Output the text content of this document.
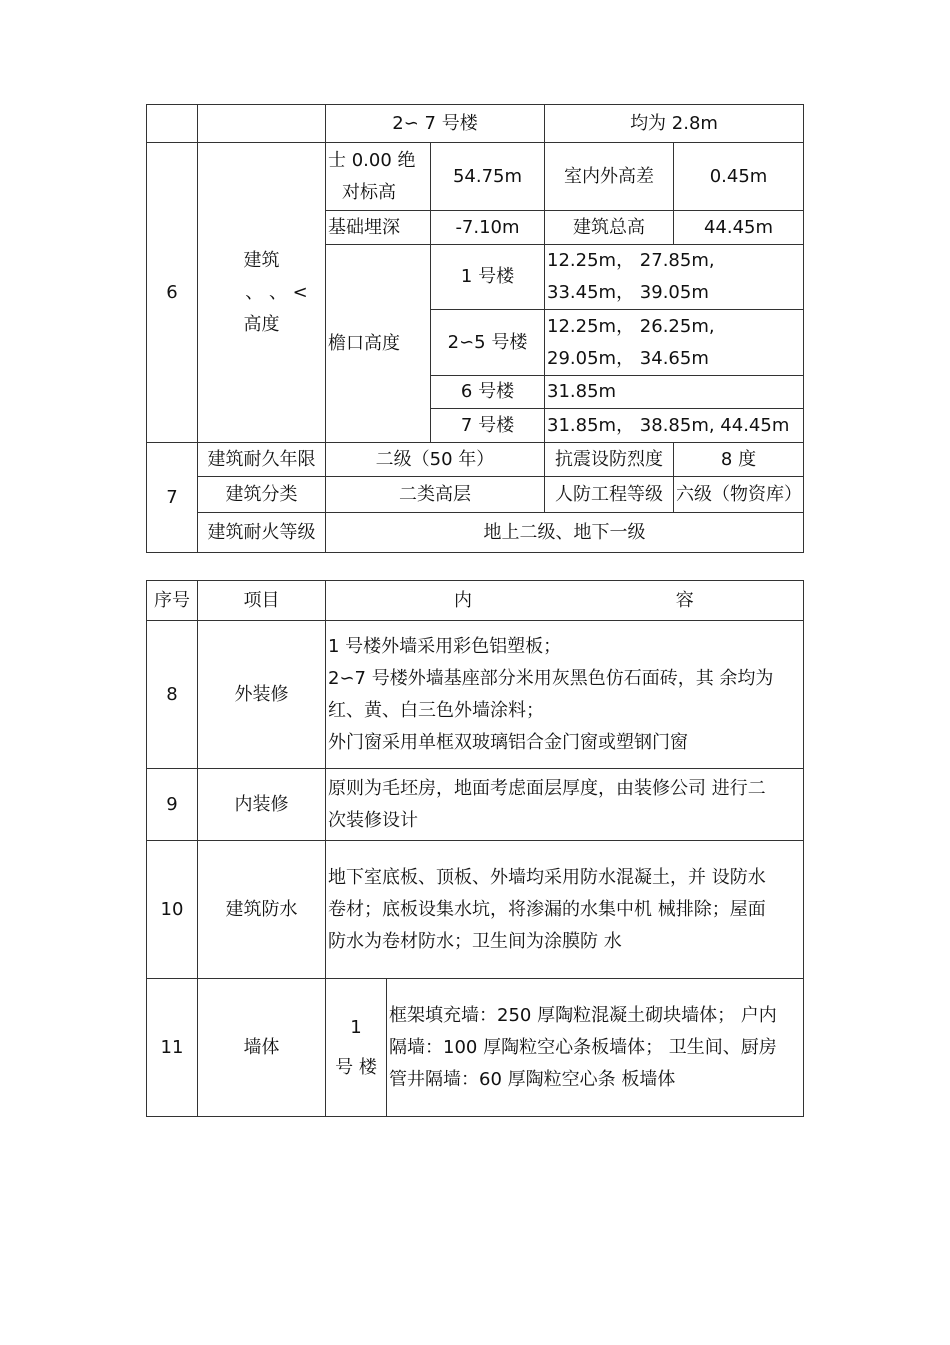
		2∽ 7 号楼		均为 2.8m	
6	建筑
、 、 <
高度	士 0.00 绝
对标高	54.75m	室内外高差	0.45m
		基础埋深	-7.10m	建筑总高	44.45m
		檐口高度	1 号楼	12.25m， 27.85m,
33.45m， 39.05m	

			2∽5 号楼	12.25m， 26.25m,
29.05m， 34.65m	

			6 号楼	31.85m	
			7 号楼	31.85m， 38.85m, 44.45m	
7	建筑耐久年限	二级（50 年）		抗震设防烈度	8 度
	建筑分类	二类高层		人防工程等级	六级（物资库）
	建筑耐火等级	地上二级、地下一级			
序号	项目	内 容	
8	外装修	1 号楼外墙采用彩色铝塑板；
2∽7 号楼外墙基座部分米用灰黑色仿石面砖，其 余均为
红、黄、白三色外墙涂料；
外门窗采用单框双玻璃铝合金门窗或塑钢门窗	

9	内装修	原则为毛坯房，地面考虑面层厚度，由装修公司 进行二
次装修设计	

10	建筑防水	地下室底板、顶板、外墙均采用防水混凝土，并 设防水
卷材；底板设集水坑，将渗漏的水集中机 械排除；屋面
防水为卷材防水；卫生间为涂膜防 水	

11	墙体	1
号 楼	框架填充墙：250 厚陶粒混凝土砌块墙体； 户内
隔墙：100 厚陶粒空心条板墙体； 卫生间、厨房
管井隔墙：60 厚陶粒空心条 板墙体
